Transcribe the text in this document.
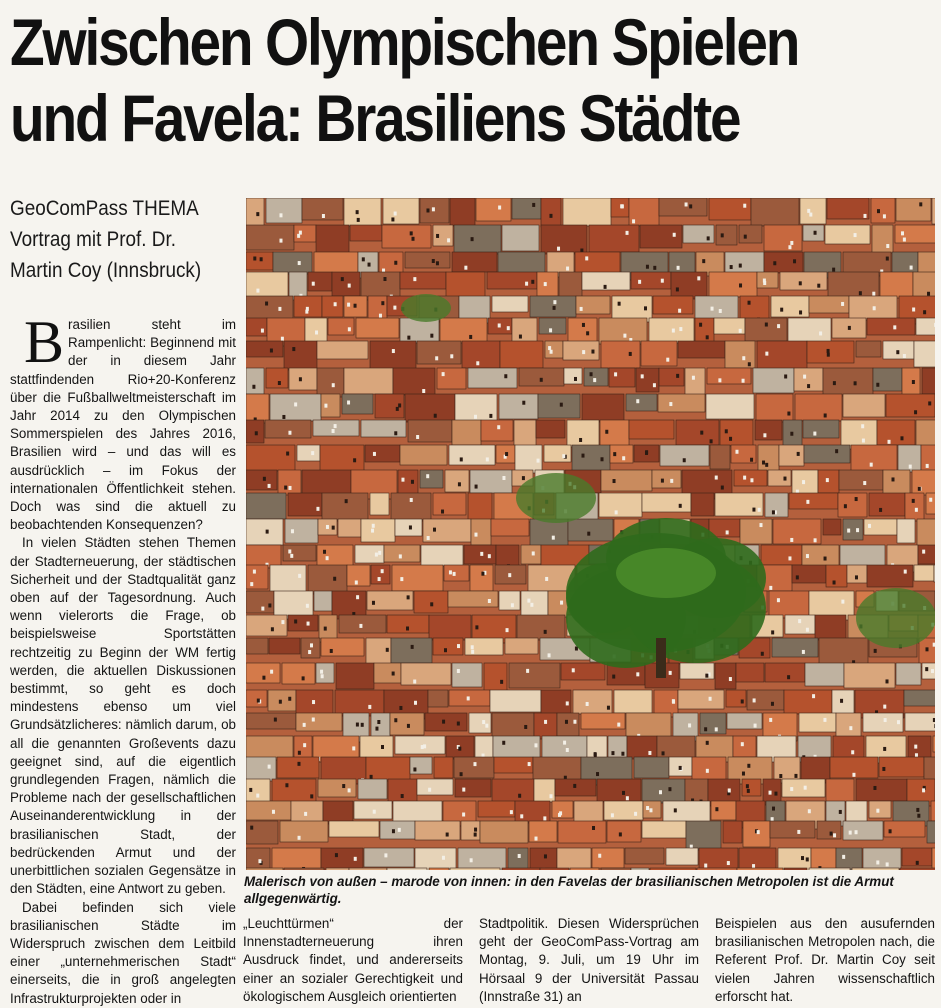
Zwischen Olympischen Spielen
und Favela: Brasiliens Städte
GeoComPass THEMA
Vortrag mit Prof. Dr.
Martin Coy (Innsbruck)

Brasilien steht im Rampenlicht: Beginnend mit der in diesem Jahr stattfindenden Rio+20-Konferenz über die Fußballweltmeisterschaft im Jahr 2014 zu den Olympischen Sommerspielen des Jahres 2016, Brasilien wird – und das will es ausdrücklich – im Fokus der internationalen Öffentlichkeit stehen. Doch was sind die aktuell zu beobachtenden Konsequenzen?

In vielen Städten stehen Themen der Stadterneuerung, der städtischen Sicherheit und der Stadtqualität ganz oben auf der Tagesordnung. Auch wenn vielerorts die Frage, ob beispielsweise Sportstätten rechtzeitig zu Beginn der WM fertig werden, die aktuellen Diskussionen bestimmt, so geht es doch mindestens ebenso um viel Grundsätzlicheres: nämlich darum, ob all die genannten Großevents dazu geeignet sind, auf die eigentlich grundlegenden Fragen, nämlich die Probleme nach der gesellschaftlichen Auseinanderentwicklung in der brasilianischen Stadt, der bedrückenden Armut und der unerbittlichen sozialen Gegensätze in den Städten, eine Antwort zu geben.

Dabei befinden sich viele brasilianischen Städte im Widerspruch zwischen dem Leitbild einer „unternehmerischen Stadt“ einerseits, die in groß angelegten Infrastrukturprojekten oder in

Malerisch von außen – marode von innen: in den Favelas der brasilianischen Metropolen ist die Armut allgegenwärtig.

„Leuchttürmen“ der Innenstadterneuerung ihren Ausdruck findet, und andererseits einer an sozialer Gerechtigkeit und ökologischem Ausgleich orientierten

Stadtpolitik. Diesen Widersprüchen geht der GeoComPass-Vortrag am Montag, 9. Juli, um 19 Uhr im Hörsaal 9 der Universität Passau (Innstraße 31) an

Beispielen aus den ausufernden brasilianischen Metropolen nach, die Referent Prof. Dr. Martin Coy seit vielen Jahren wissenschaftlich erforscht hat.
